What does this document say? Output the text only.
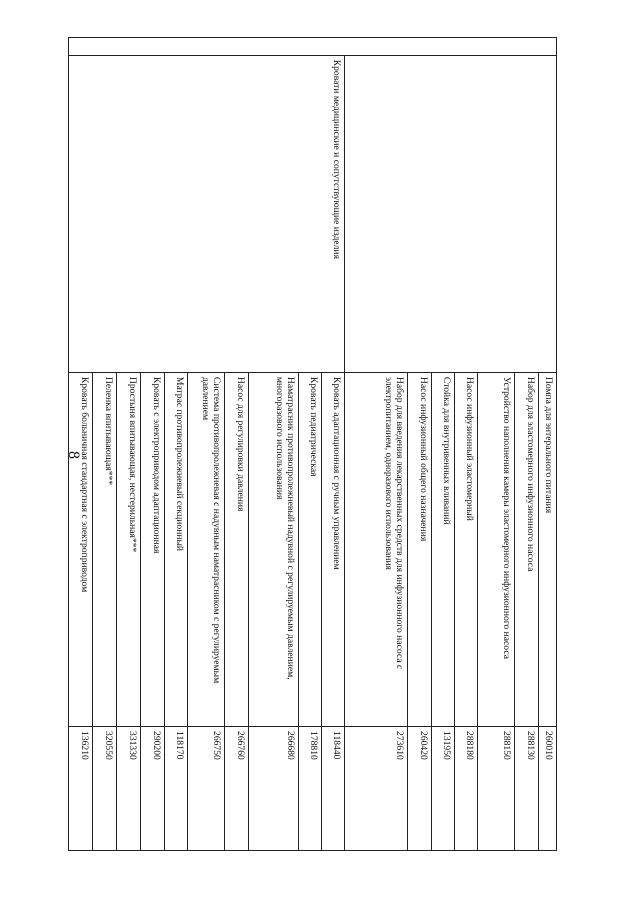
8
			Помпа для энтерального питания	260010
		Набор для эластомерного инфузионного насоса	288130
		Устройство наполнения камеры эластомерного инфузионного насоса	288150
		Насос инфузионный эластомерный	288180
		Стойка для внутривенных вливаний	131950
		Насос инфузионный общего назначения	260420
		Набор для введения лекарственных средств для инфузионного насоса с электропитанием, одноразового использования	273610
	Кровати медицинские и сопутствующие изделия	Кровать адаптационная с ручным управлением	118440
		Кровать педиатрическая	178810
		Наматрасник противопролежневый надувной с регулируемым давлением, многоразового использования	266680
		Насос для регулировки давления	266760
		Система противопролежневая с надувным наматрасником с регулируемым давлением	266750
		Матрас противопролежневый секционный	118170
		Кровать с электроприводом адаптационная	290200
		Простыня впитывающая, нестерильная***	331330
		Пеленка впитывающая***	320550
		Кровать больничная стандартная с электроприводом	136210
